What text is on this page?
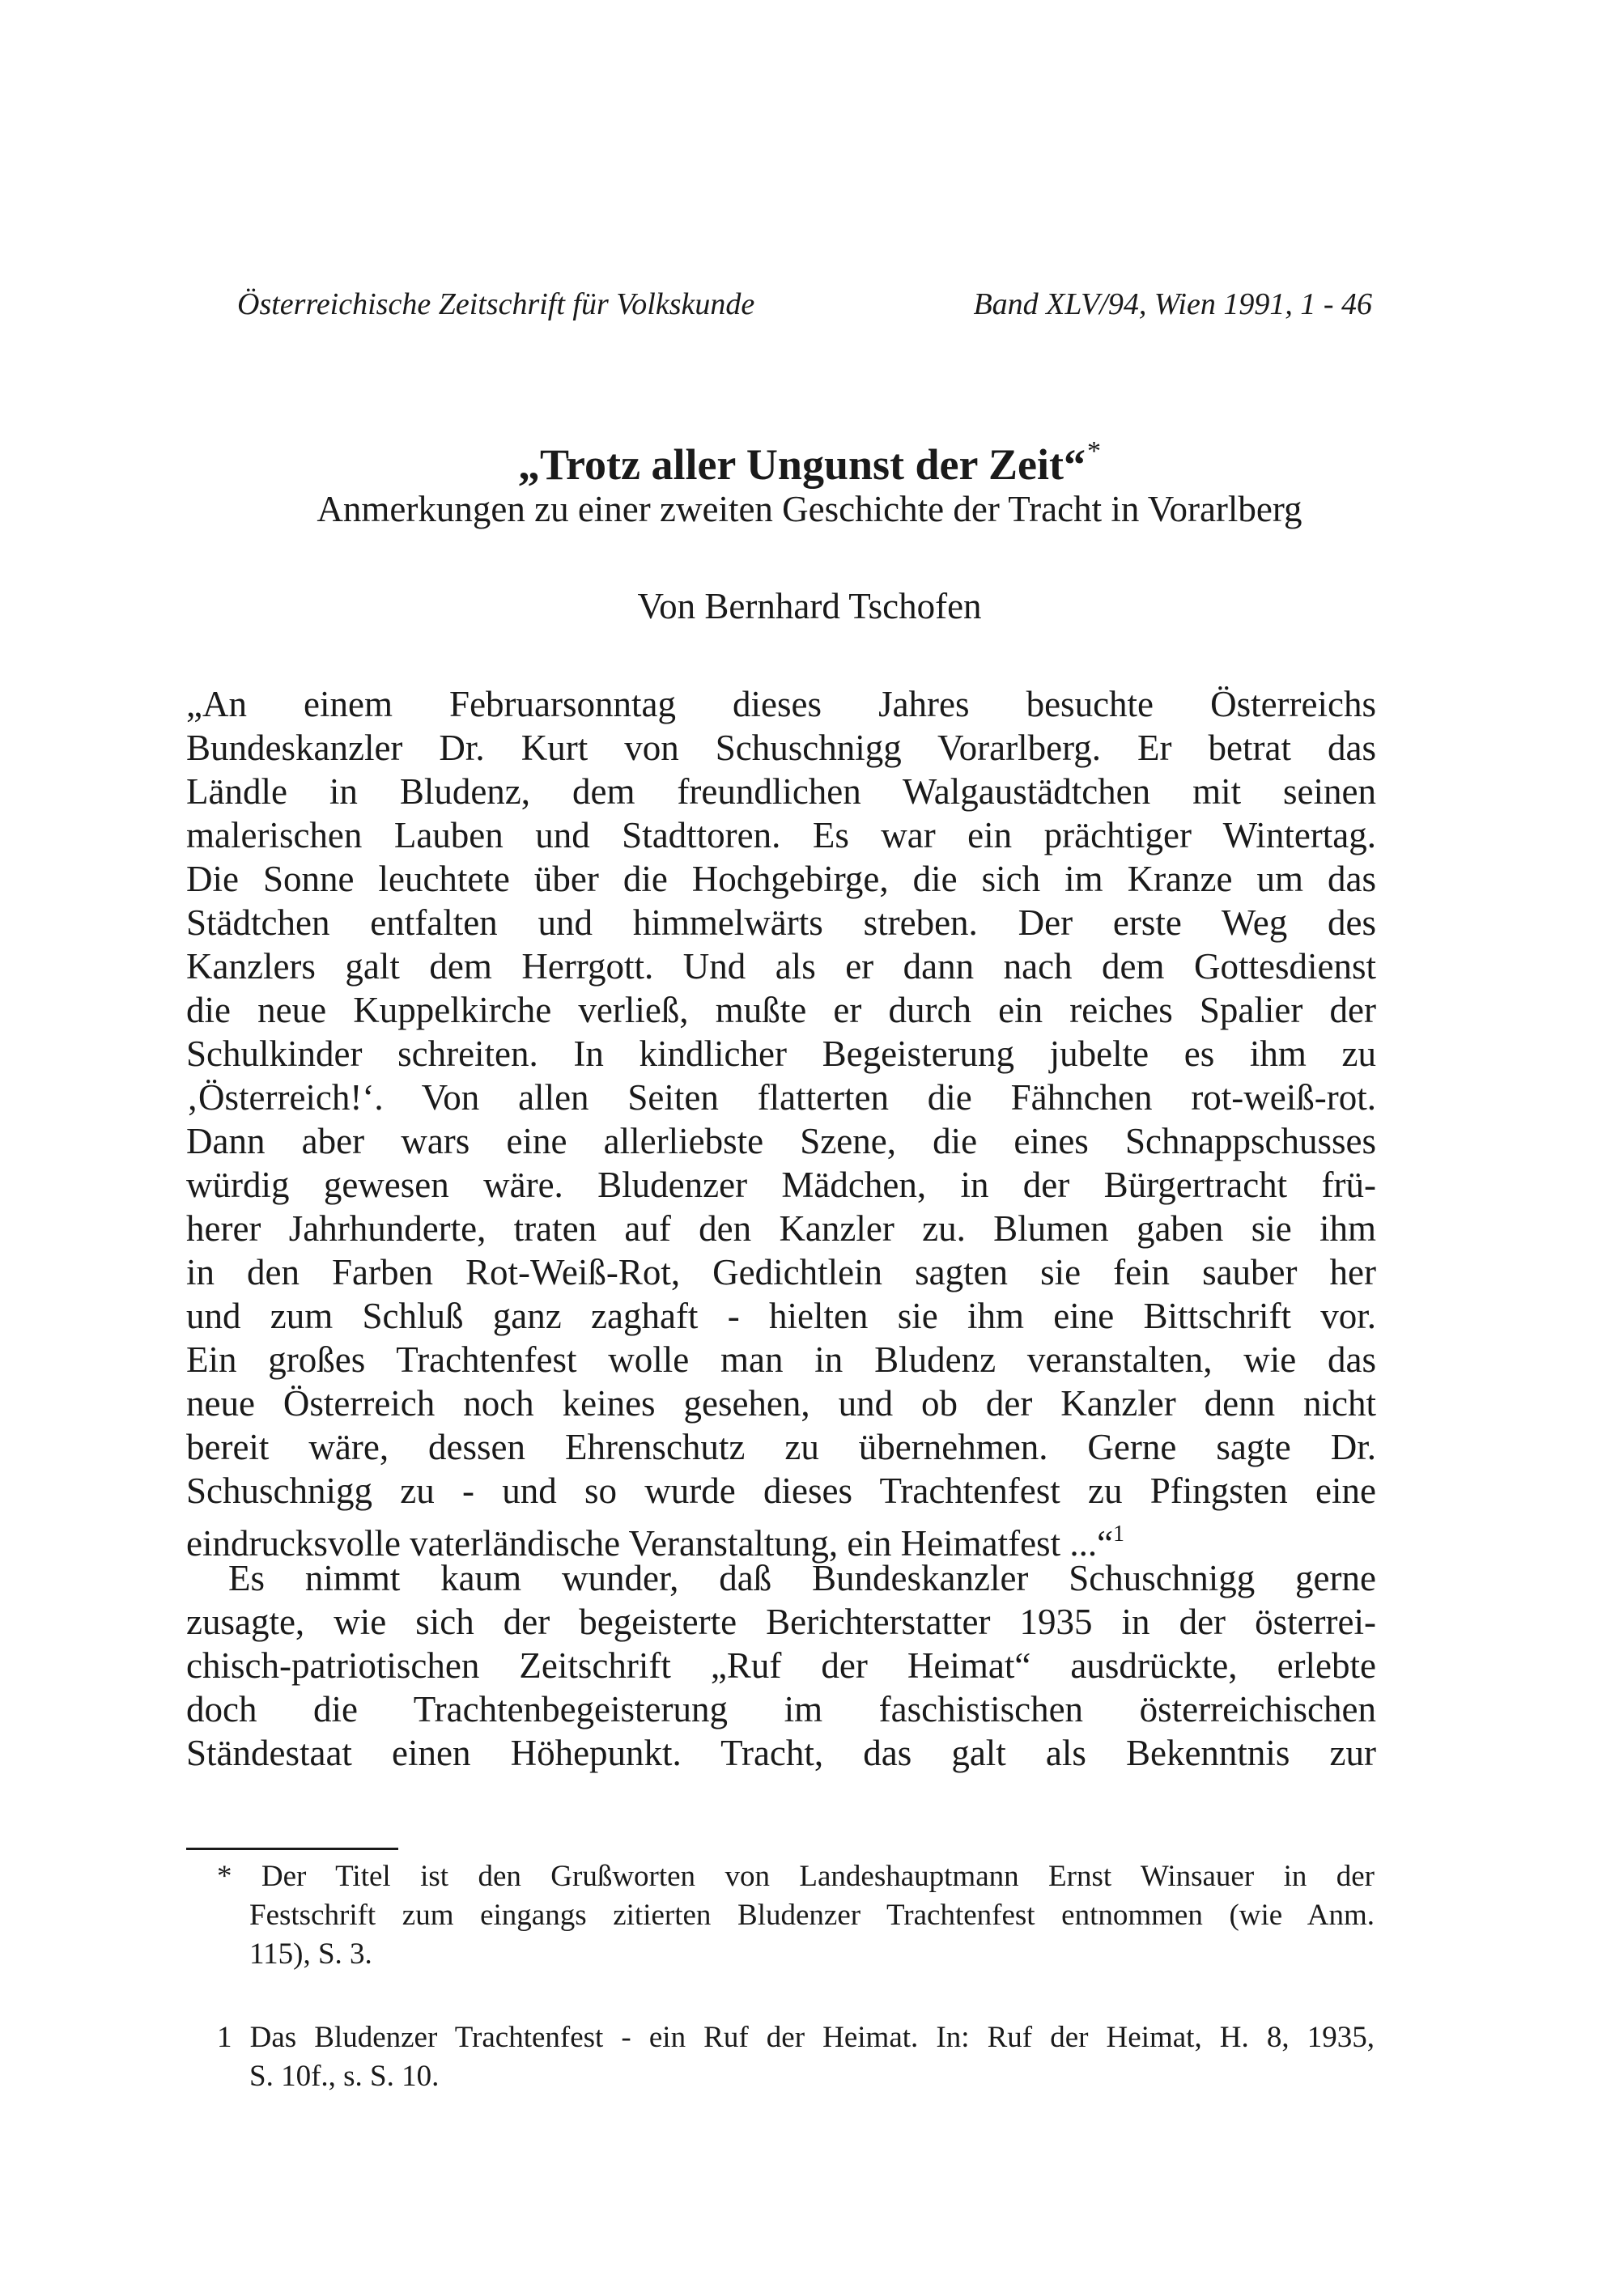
Österreichische Zeitschrift für Volkskunde	Band XLV/94, Wien 1991, 1 - 46
„Trotz aller Ungunst der Zeit“*
Anmerkungen zu einer zweiten Geschichte der Tracht in Vorarlberg
Von Bernhard Tschofen
„An einem Februarsonntag dieses Jahres besuchte Österreichs
Bundeskanzler Dr. Kurt von Schuschnigg Vorarlberg. Er betrat das
Ländle in Bludenz, dem freundlichen Walgaustädtchen mit seinen
malerischen Lauben und Stadttoren. Es war ein prächtiger Wintertag.
Die Sonne leuchtete über die Hochgebirge, die sich im Kranze um das
Städtchen entfalten und himmelwärts streben. Der erste Weg des
Kanzlers galt dem Herrgott. Und als er dann nach dem Gottesdienst
die neue Kuppelkirche verließ, mußte er durch ein reiches Spalier der
Schulkinder schreiten. In kindlicher Begeisterung jubelte es ihm zu
‚Österreich!‘. Von allen Seiten flatterten die Fähnchen rot-weiß-rot.
Dann aber wars eine allerliebste Szene, die eines Schnappschusses
würdig gewesen wäre. Bludenzer Mädchen, in der Bürgertracht frü-
herer Jahrhunderte, traten auf den Kanzler zu. Blumen gaben sie ihm
in den Farben Rot-Weiß-Rot, Gedichtlein sagten sie fein sauber her
und zum Schluß ganz zaghaft - hielten sie ihm eine Bittschrift vor.
Ein großes Trachtenfest wolle man in Bludenz veranstalten, wie das
neue Österreich noch keines gesehen, und ob der Kanzler denn nicht
bereit wäre, dessen Ehrenschutz zu übernehmen. Gerne sagte Dr.
Schuschnigg zu - und so wurde dieses Trachtenfest zu Pfingsten eine
eindrucksvolle vaterländische Veranstaltung, ein Heimatfest ...“$^1$
Es nimmt kaum wunder, daß Bundeskanzler Schuschnigg gerne
zusagte, wie sich der begeisterte Berichterstatter 1935 in der österrei-
chisch-patriotischen Zeitschrift „Ruf der Heimat“ ausdrückte, erlebte
doch die Trachtenbegeisterung im faschistischen österreichischen
Ständestaat einen Höhepunkt. Tracht, das galt als Bekenntnis zur
* Der Titel ist den Grußworten von Landeshauptmann Ernst Winsauer in der
Festschrift zum eingangs zitierten Bludenzer Trachtenfest entnommen (wie Anm.
115), S. 3.
1 Das Bludenzer Trachtenfest - ein Ruf der Heimat. In: Ruf der Heimat, H. 8, 1935,
S. 10f., s. S. 10.
